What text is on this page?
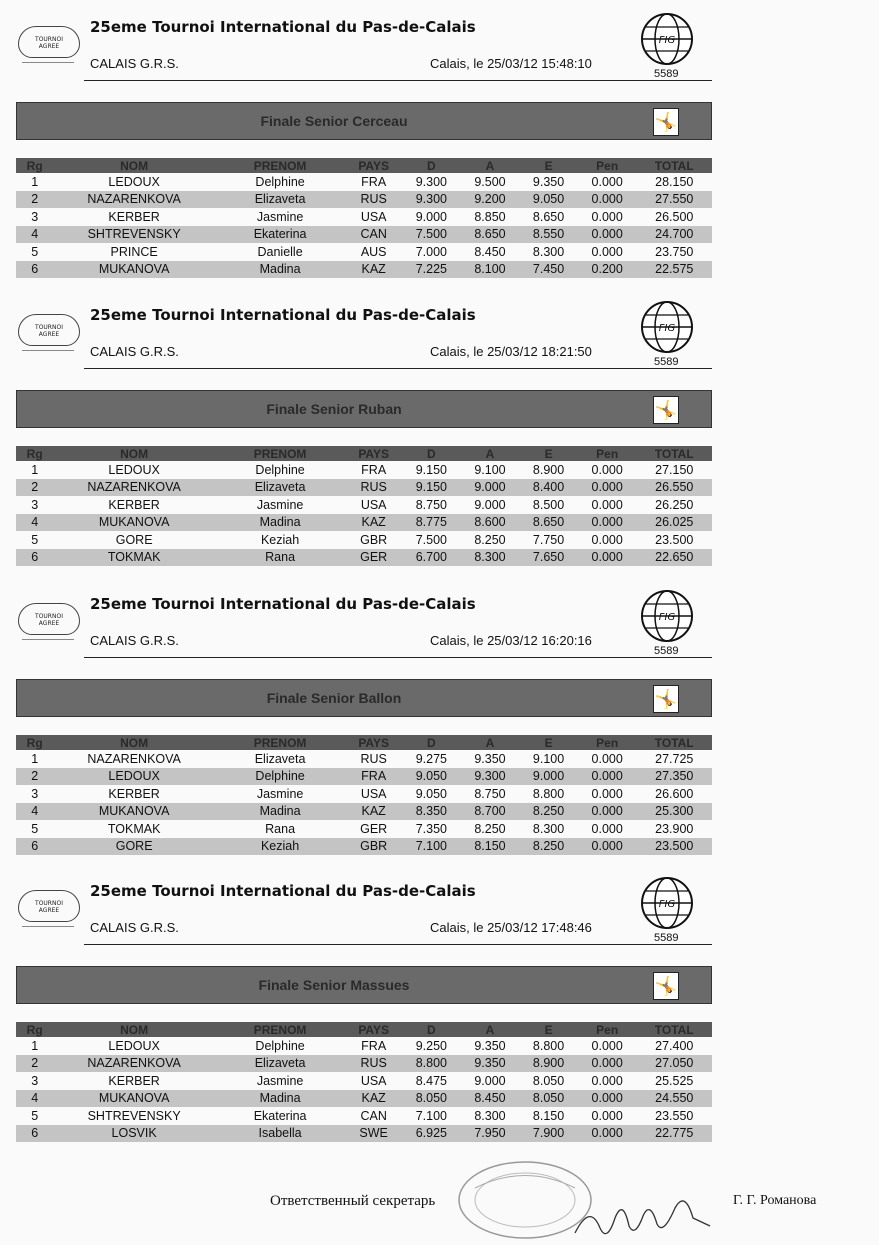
TOURNOI
AGREE
25eme Tournoi International du Pas-de-Calais
CALAIS G.R.S.	Calais, le 25/03/12 15:48:10
FIG
5589
Finale Senior Cerceau	🤸
Rg	NOM	PRENOM	PAYS	D	A	E	Pen	TOTAL
1	LEDOUX	Delphine	FRA	9.300	9.500	9.350	0.000	28.150
2	NAZARENKOVA	Elizaveta	RUS	9.300	9.200	9.050	0.000	27.550
3	KERBER	Jasmine	USA	9.000	8.850	8.650	0.000	26.500
4	SHTREVENSKY	Ekaterina	CAN	7.500	8.650	8.550	0.000	24.700
5	PRINCE	Danielle	AUS	7.000	8.450	8.300	0.000	23.750
6	MUKANOVA	Madina	KAZ	7.225	8.100	7.450	0.200	22.575
TOURNOI
AGREE
25eme Tournoi International du Pas-de-Calais
CALAIS G.R.S.	Calais, le 25/03/12 18:21:50
FIG
5589
Finale Senior Ruban	🤸
Rg	NOM	PRENOM	PAYS	D	A	E	Pen	TOTAL
1	LEDOUX	Delphine	FRA	9.150	9.100	8.900	0.000	27.150
2	NAZARENKOVA	Elizaveta	RUS	9.150	9.000	8.400	0.000	26.550
3	KERBER	Jasmine	USA	8.750	9.000	8.500	0.000	26.250
4	MUKANOVA	Madina	KAZ	8.775	8.600	8.650	0.000	26.025
5	GORE	Keziah	GBR	7.500	8.250	7.750	0.000	23.500
6	TOKMAK	Rana	GER	6.700	8.300	7.650	0.000	22.650
TOURNOI
AGREE
25eme Tournoi International du Pas-de-Calais
CALAIS G.R.S.	Calais, le 25/03/12 16:20:16
FIG
5589
Finale Senior Ballon	🤸
Rg	NOM	PRENOM	PAYS	D	A	E	Pen	TOTAL
1	NAZARENKOVA	Elizaveta	RUS	9.275	9.350	9.100	0.000	27.725
2	LEDOUX	Delphine	FRA	9.050	9.300	9.000	0.000	27.350
3	KERBER	Jasmine	USA	9.050	8.750	8.800	0.000	26.600
4	MUKANOVA	Madina	KAZ	8.350	8.700	8.250	0.000	25.300
5	TOKMAK	Rana	GER	7.350	8.250	8.300	0.000	23.900
6	GORE	Keziah	GBR	7.100	8.150	8.250	0.000	23.500
TOURNOI
AGREE
25eme Tournoi International du Pas-de-Calais
CALAIS G.R.S.	Calais, le 25/03/12 17:48:46
FIG
5589
Finale Senior Massues	🤸
Rg	NOM	PRENOM	PAYS	D	A	E	Pen	TOTAL
1	LEDOUX	Delphine	FRA	9.250	9.350	8.800	0.000	27.400
2	NAZARENKOVA	Elizaveta	RUS	8.800	9.350	8.900	0.000	27.050
3	KERBER	Jasmine	USA	8.475	9.000	8.050	0.000	25.525
4	MUKANOVA	Madina	KAZ	8.050	8.450	8.050	0.000	24.550
5	SHTREVENSKY	Ekaterina	CAN	7.100	8.300	8.150	0.000	23.550
6	LOSVIK	Isabella	SWE	6.925	7.950	7.900	0.000	22.775
Ответственный секретарь	Г. Г. Романова
